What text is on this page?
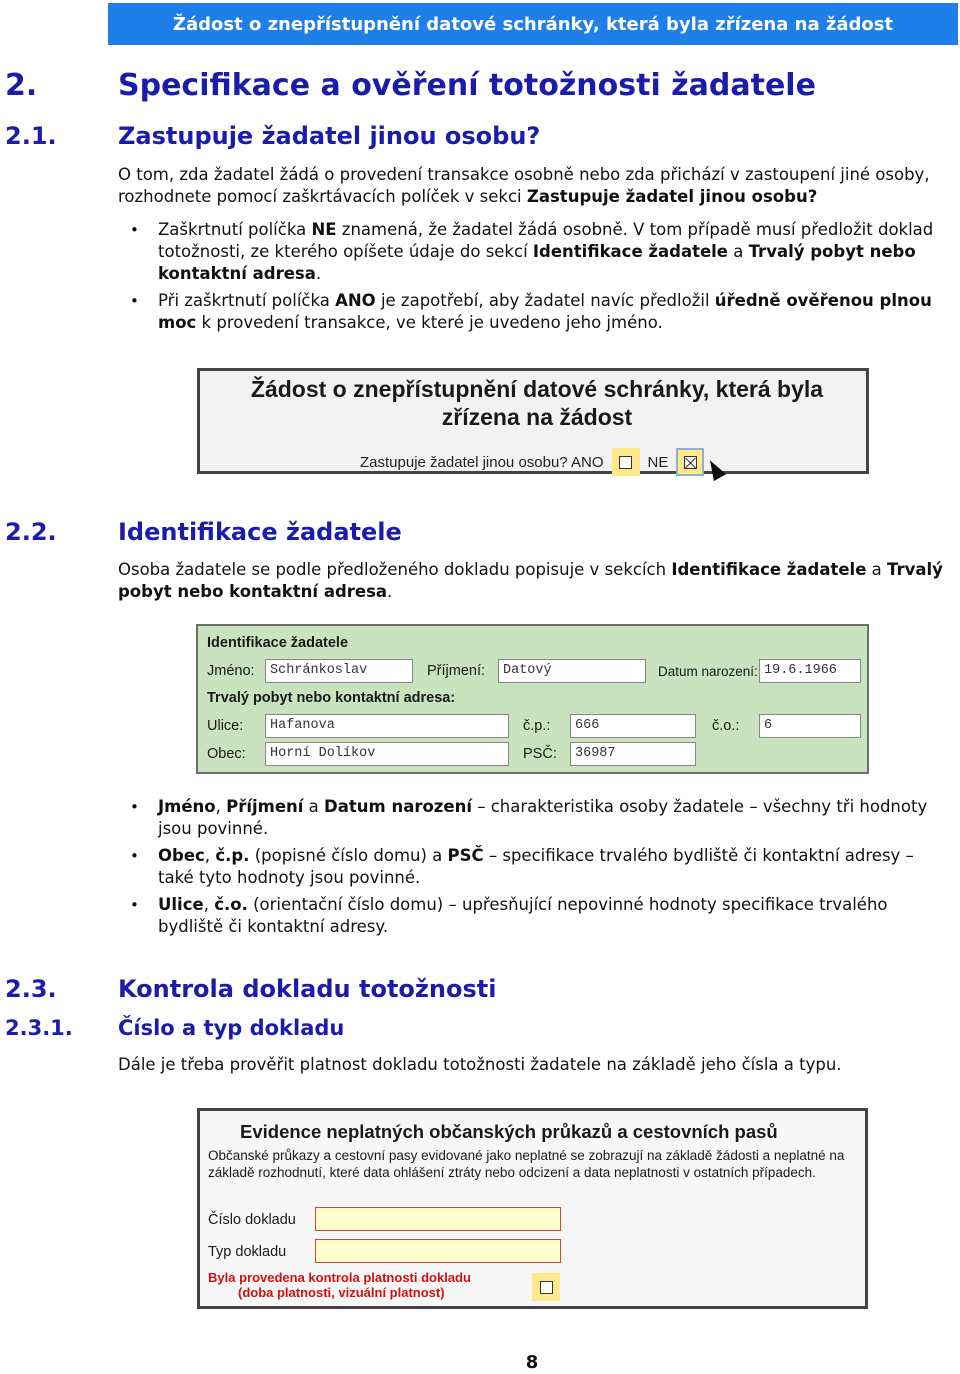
Žádost o znepřístupnění datové schránky, která byla zřízena na žádost
2.	Specifikace a ověření totožnosti žadatele
2.1.	Zastupuje žadatel jinou osobu?
O tom, zda žadatel žádá o provedení transakce osobně nebo zda přichází v zastoupení jiné osoby, rozhodnete pomocí zaškrtávacích políček v sekci Zastupuje žadatel jinou osobu?
• Zaškrtnutí políčka NE znamená, že žadatel žádá osobně. V tom případě musí předložit doklad totožnosti, ze kterého opíšete údaje do sekcí Identifikace žadatele a Trvalý pobyt nebo kontaktní adresa.
• Při zaškrtnutí políčka ANO je zapotřebí, aby žadatel navíc předložil úředně ověřenou plnou moc k provedení transakce, ve které je uvedeno jeho jméno.
Žádost o znepřístupnění datové schránky, která byla zřízena na žádost
Zastupuje žadatel jinou osobu? ANO	NE
2.2.	Identifikace žadatele
Osoba žadatele se podle předloženého dokladu popisuje v sekcích Identifikace žadatele a Trvalý pobyt nebo kontaktní adresa.
Identifikace žadatele
Jméno:	Schránkoslav	Příjmení:	Datový	Datum narození: 19.6.1966
Trvalý pobyt nebo kontaktní adresa:
Ulice:	Hafanova	č.p.:	666	č.o.:	6
Obec:	Horní Dolíkov	PSČ:	36987
• Jméno, Příjmení a Datum narození – charakteristika osoby žadatele – všechny tři hodnoty jsou povinné.
• Obec, č.p. (popisné číslo domu) a PSČ – specifikace trvalého bydliště či kontaktní adresy – také tyto hodnoty jsou povinné.
• Ulice, č.o. (orientační číslo domu) – upřesňující nepovinné hodnoty specifikace trvalého bydliště či kontaktní adresy.
2.3.	Kontrola dokladu totožnosti
2.3.1. Číslo a typ dokladu
Dále je třeba prověřit platnost dokladu totožnosti žadatele na základě jeho čísla a typu.
Evidence neplatných občanských průkazů a cestovních pasů
Občanské průkazy a cestovní pasy evidované jako neplatné se zobrazují na základě žádosti a neplatné na základě rozhodnutí, které data ohlášení ztráty nebo odcizení a data neplatnosti v ostatních případech.
Číslo dokladu
Typ dokladu
Byla provedena kontrola platnosti dokladu
(doba platnosti, vizuální platnost)
8
